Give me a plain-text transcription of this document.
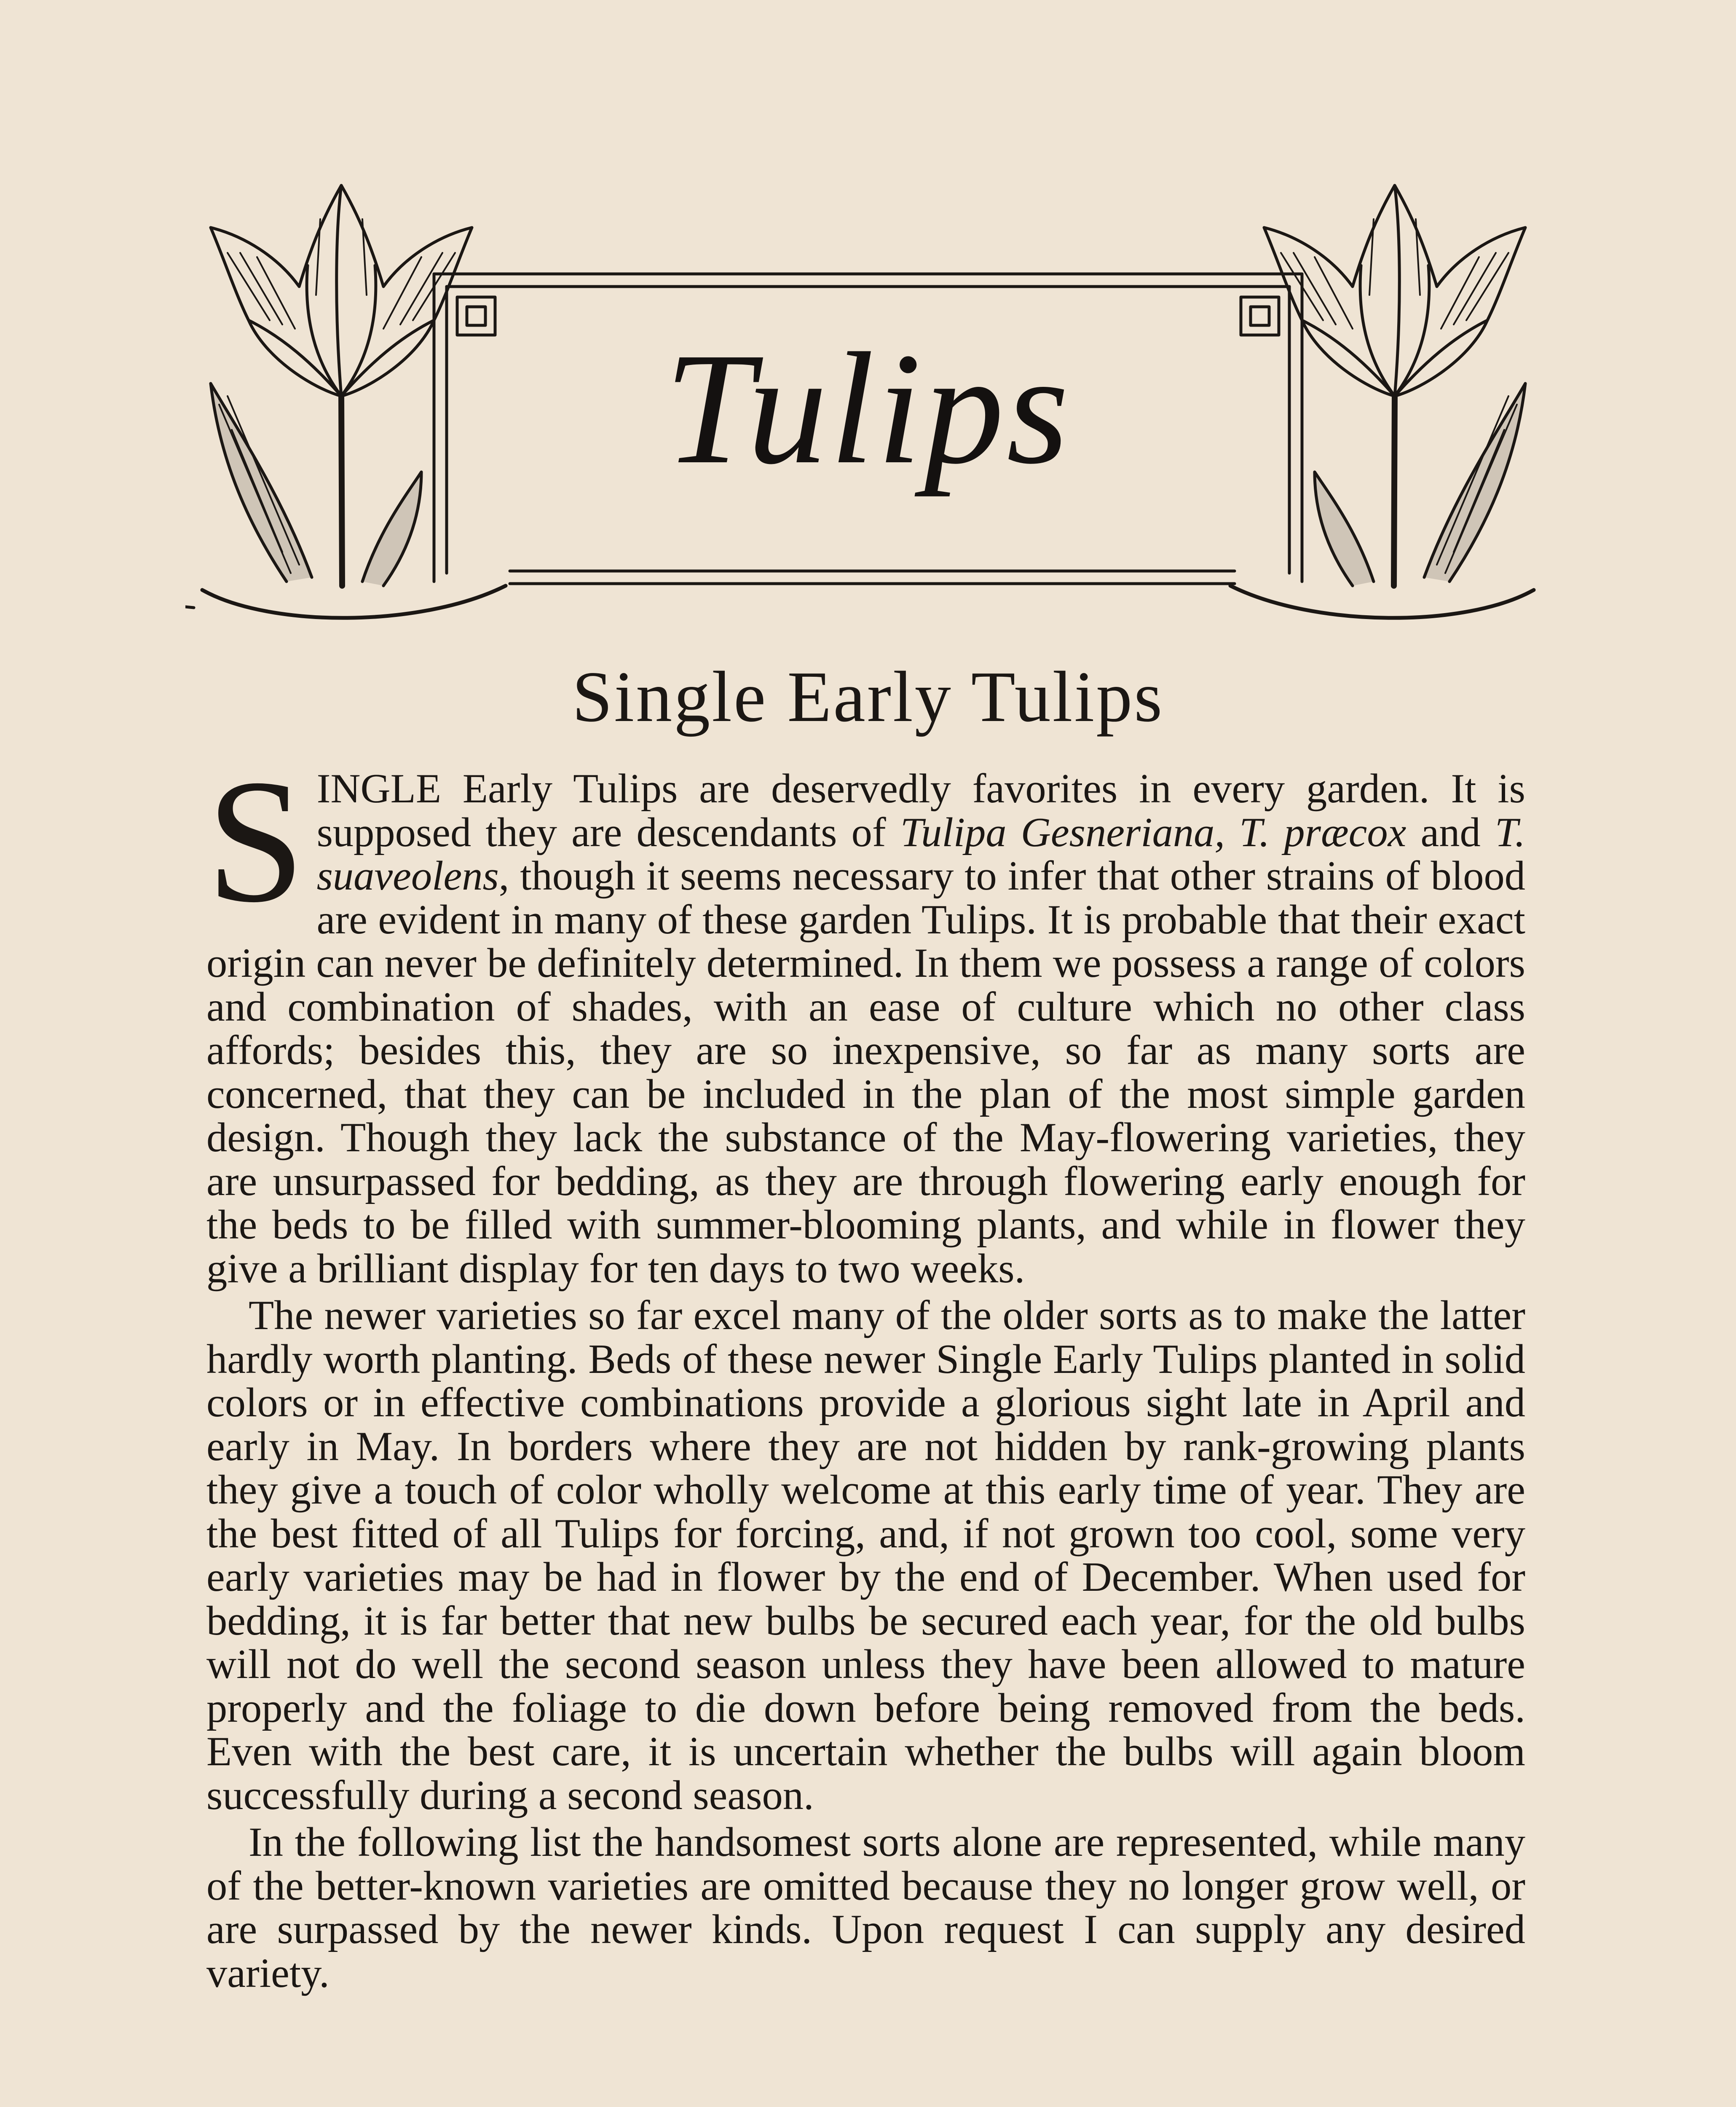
Tulips
Single Early Tulips

SINGLE Early Tulips are deservedly favorites in every garden. It is supposed they are descendants of Tulipa Gesneriana, T. præcox and T. suaveolens, though it seems necessary to infer that other strains of blood are evident in many of these garden Tulips. It is probable that their exact origin can never be definitely determined. In them we possess a range of colors and combination of shades, with an ease of culture which no other class affords; besides this, they are so inexpensive, so far as many sorts are concerned, that they can be included in the plan of the most simple garden design. Though they lack the substance of the May-flowering varieties, they are unsurpassed for bedding, as they are through flowering early enough for the beds to be filled with summer-blooming plants, and while in flower they give a brilliant display for ten days to two weeks.

The newer varieties so far excel many of the older sorts as to make the latter hardly worth planting. Beds of these newer Single Early Tulips planted in solid colors or in effective combinations provide a glorious sight late in April and early in May. In borders where they are not hidden by rank-growing plants they give a touch of color wholly welcome at this early time of year. They are the best fitted of all Tulips for forcing, and, if not grown too cool, some very early varieties may be had in flower by the end of December. When used for bedding, it is far better that new bulbs be secured each year, for the old bulbs will not do well the second season unless they have been allowed to mature properly and the foliage to die down before being removed from the beds. Even with the best care, it is uncertain whether the bulbs will again bloom successfully during a second season.

In the following list the handsomest sorts alone are represented, while many of the better-known varieties are omitted because they no longer grow well, or are surpassed by the newer kinds. Upon request I can supply any desired variety.
